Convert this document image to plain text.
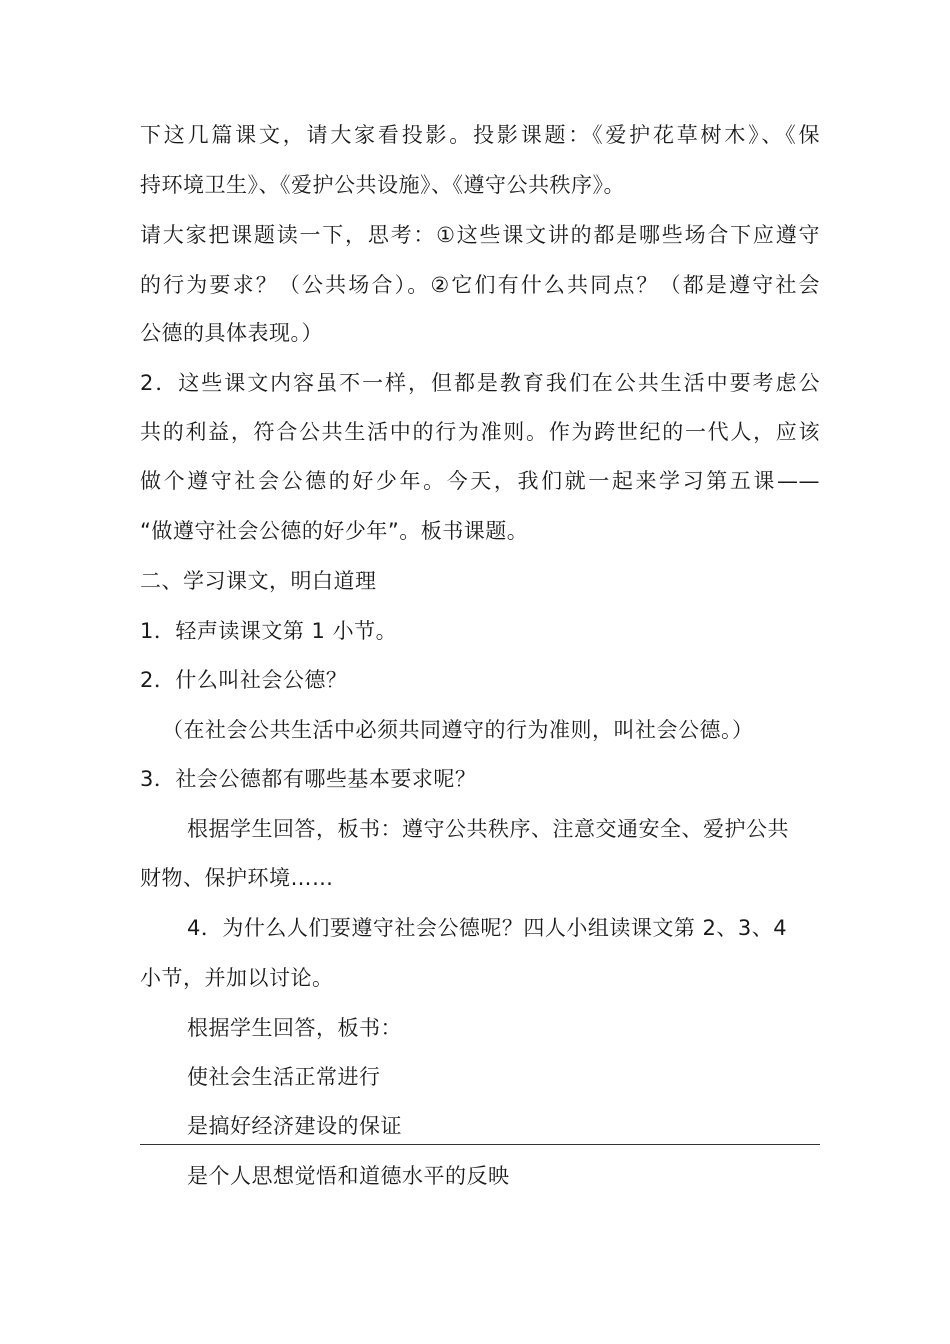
下这几篇课文，请大家看投影。投影课题：《爱护花草树木》、《保
持环境卫生》、《爱护公共设施》、《遵守公共秩序》。
请大家把课题读一下，思考：①这些课文讲的都是哪些场合下应遵守
的行为要求？（公共场合）。②它们有什么共同点？（都是遵守社会
公德的具体表现。）
2．这些课文内容虽不一样，但都是教育我们在公共生活中要考虑公
共的利益，符合公共生活中的行为准则。作为跨世纪的一代人，应该
做个遵守社会公德的好少年。今天，我们就一起来学习第五课——
“做遵守社会公德的好少年”。板书课题。
二、学习课文，明白道理
1．轻声读课文第 1 小节。
2．什么叫社会公德？
（在社会公共生活中必须共同遵守的行为准则，叫社会公德。）
3．社会公德都有哪些基本要求呢？
根据学生回答，板书：遵守公共秩序、注意交通安全、爱护公共
财物、保护环境……
4．为什么人们要遵守社会公德呢？四人小组读课文第 2、3、4
小节，并加以讨论。
根据学生回答，板书：
使社会生活正常进行
是搞好经济建设的保证
是个人思想觉悟和道德水平的反映
